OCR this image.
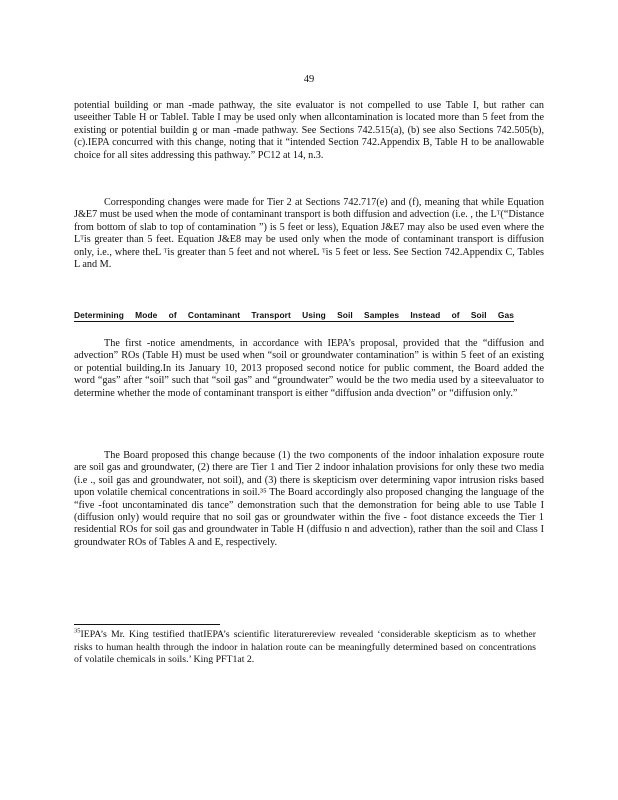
49
potential building or man -made pathway, the site evaluator is not compelled to use Table I, but rather can useeither Table H or TableI. Table I may be used only when allcontamination is located more than 5 feet from the existing or potential buildin g or man -made pathway. See Sections 742.515(a), (b) see also Sections 742.505(b), (c).IEPA concurred with this change, noting that it “intended Section 742.Appendix B, Table H to be anallowable choice for all sites addressing this pathway.” PC12 at 14, n.3.
Corresponding changes were made for Tier 2 at Sections 742.717(e) and (f), meaning that while Equation J&E7 must be used when the mode of contaminant transport is both diffusion and advection (i.e. , the Lᵀ(“Distance from bottom of slab to top of contamination ”) is 5 feet or less), Equation J&E7 may also be used even where the Lᵀis greater than 5 feet. Equation J&E8 may be used only when the mode of contaminant transport is diffusion only, i.e., where theL ᵀis greater than 5 feet and not whereL ᵀis 5 feet or less. See Section 742.Appendix C, Tables L and M.
Determining Mode of Contaminant Transport Using Soil Samples Instead of Soil Gas
The first -notice amendments, in accordance with IEPA’s proposal, provided that the “diffusion and advection” ROs (Table H) must be used when “soil or groundwater contamination” is within 5 feet of an existing or potential building.In its January 10, 2013 proposed second notice for public comment, the Board added the word “gas” after “soil” such that “soil gas” and “groundwater” would be the two media used by a siteevaluator to determine whether the mode of contaminant transport is either “diffusion anda dvection” or “diffusion only.”
The Board proposed this change because (1) the two components of the indoor inhalation exposure route are soil gas and groundwater, (2) there are Tier 1 and Tier 2 indoor inhalation provisions for only these two media (i.e ., soil gas and groundwater, not soil), and (3) there is skepticism over determining vapor intrusion risks based upon volatile chemical concentrations in soil.³⁵ The Board accordingly also proposed changing the language of the “five -foot uncontaminated dis tance” demonstration such that the demonstration for being able to use Table I (diffusion only) would require that no soil gas or groundwater within the five - foot distance exceeds the Tier 1 residential ROs for soil gas and groundwater in Table H (diffusio n and advection), rather than the soil and Class I groundwater ROs of Tables A and E, respectively.
$^{35}$IEPA’s Mr. King testified thatIEPA’s scientific literaturereview revealed ‘considerable skepticism as to whether risks to human health through the indoor in halation route can be meaningfully determined based on concentrations of volatile chemicals in soils.’ King PFT1at 2.
